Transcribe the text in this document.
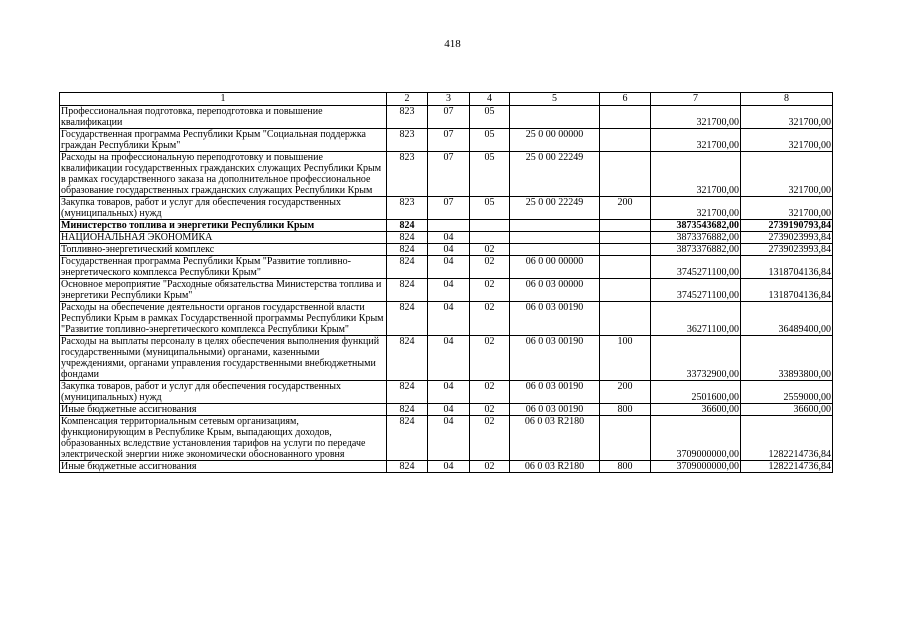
418
1	2	3	4	5	6	7	8
Профессиональная подготовка, переподготовка и повышение квалификации	823	07	05			321700,00	321700,00
Государственная программа Республики Крым "Социальная поддержка граждан Республики Крым"	823	07	05	25 0 00 00000		321700,00	321700,00
Расходы на профессиональную переподготовку и повышение квалификации государственных гражданских служащих Республики Крым в рамках государственного заказа на дополнительное профессиональное образование государственных гражданских служащих Республики Крым	823	07	05	25 0 00 22249		321700,00	321700,00
Закупка товаров, работ и услуг для обеспечения государственных (муниципальных) нужд	823	07	05	25 0 00 22249	200	321700,00	321700,00
Министерство топлива и энергетики Республики Крым	824					3873543682,00	2739190793,84
НАЦИОНАЛЬНАЯ ЭКОНОМИКА	824	04				3873376882,00	2739023993,84
Топливно-энергетический комплекс	824	04	02			3873376882,00	2739023993,84
Государственная программа Республики Крым "Развитие топливно-энергетического комплекса Республики Крым"	824	04	02	06 0 00 00000		3745271100,00	1318704136,84
Основное мероприятие "Расходные обязательства Министерства топлива и энергетики Республики Крым"	824	04	02	06 0 03 00000		3745271100,00	1318704136,84
Расходы на обеспечение деятельности органов государственной власти Республики Крым в рамках Государственной программы Республики Крым "Развитие топливно-энергетического комплекса Республики Крым"	824	04	02	06 0 03 00190		36271100,00	36489400,00
Расходы на выплаты персоналу в целях обеспечения выполнения функций государственными (муниципальными) органами, казенными учреждениями, органами управления государственными внебюджетными фондами	824	04	02	06 0 03 00190	100	33732900,00	33893800,00
Закупка товаров, работ и услуг для обеспечения государственных (муниципальных) нужд	824	04	02	06 0 03 00190	200	2501600,00	2559000,00
Иные бюджетные ассигнования	824	04	02	06 0 03 00190	800	36600,00	36600,00
Компенсация территориальным сетевым организациям, функционирующим в Республике Крым, выпадающих доходов, образованных вследствие установления тарифов на услуги по передаче электрической энергии ниже экономически обоснованного уровня	824	04	02	06 0 03 R2180		3709000000,00	1282214736,84
Иные бюджетные ассигнования	824	04	02	06 0 03 R2180	800	3709000000,00	1282214736,84
